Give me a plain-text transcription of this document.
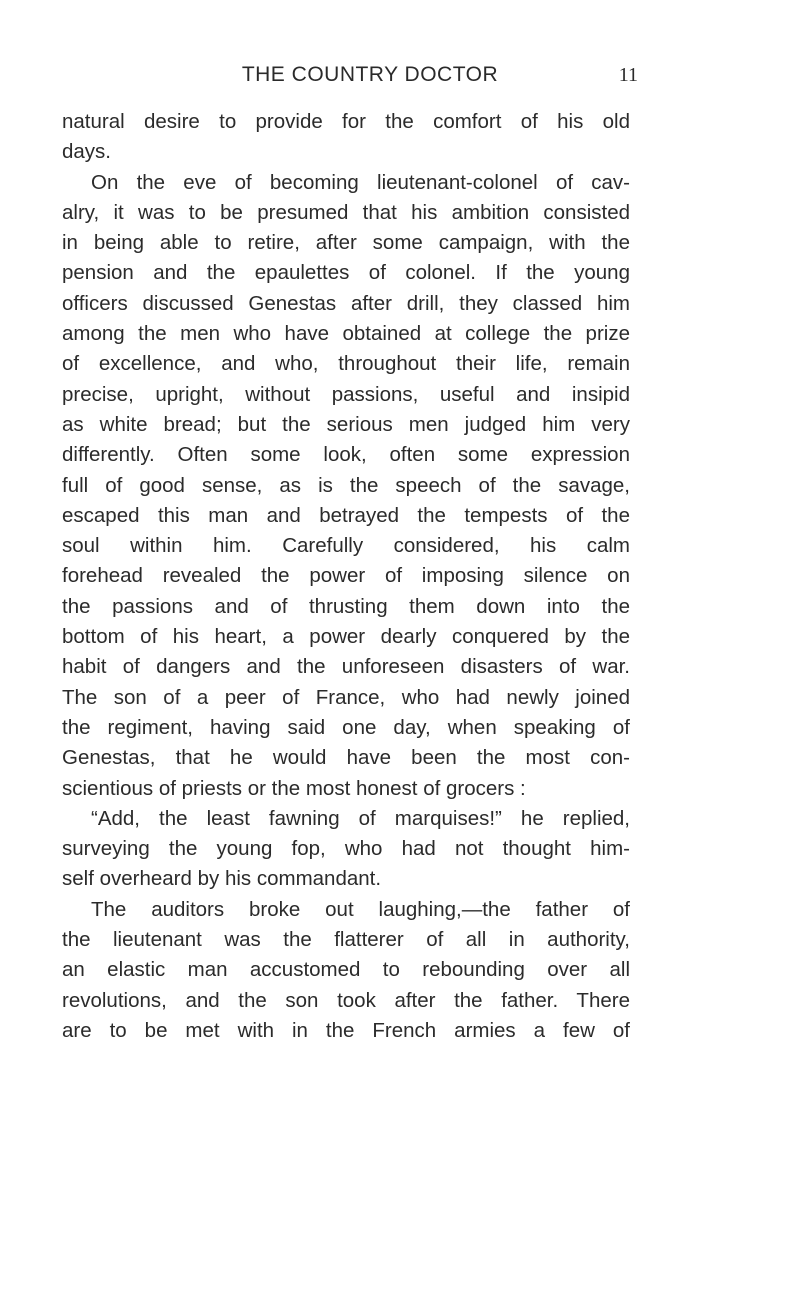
THE COUNTRY DOCTOR	11
natural desire to provide for the comfort of his old
days.
On the eve of becoming lieutenant-colonel of cav-
alry, it was to be presumed that his ambition consisted
in being able to retire, after some campaign, with the
pension and the epaulettes of colonel. If the young
officers discussed Genestas after drill, they classed him
among the men who have obtained at college the prize
of excellence, and who, throughout their life, remain
precise, upright, without passions, useful and insipid
as white bread; but the serious men judged him very
differently. Often some look, often some expression
full of good sense, as is the speech of the savage,
escaped this man and betrayed the tempests of the
soul within him. Carefully considered, his calm
forehead revealed the power of imposing silence on
the passions and of thrusting them down into the
bottom of his heart, a power dearly conquered by the
habit of dangers and the unforeseen disasters of war.
The son of a peer of France, who had newly joined
the regiment, having said one day, when speaking of
Genestas, that he would have been the most con-
scientious of priests or the most honest of grocers :
“Add, the least fawning of marquises!” he replied,
surveying the young fop, who had not thought him-
self overheard by his commandant.
The auditors broke out laughing,—the father of
the lieutenant was the flatterer of all in authority,
an elastic man accustomed to rebounding over all
revolutions, and the son took after the father. There
are to be met with in the French armies a few of
